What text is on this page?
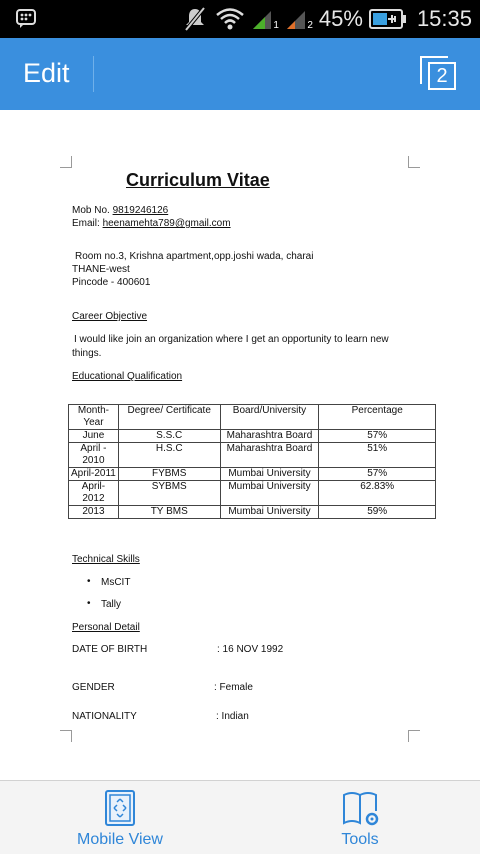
1	2 45% 15:35
Edit	2
Curriculum Vitae
Mob No. 9819246126
Email: heenamehta789@gmail.com
Room no.3, Krishna apartment,opp.joshi wada, charai
THANE-west
Pincode - 400601
Career Objective
I would like join an organization where I get an opportunity to learn new
things.
Educational Qualification
Month-Year	Degree/ Certificate	Board/University	Percentage
June	S.S.C	Maharashtra Board	57%
April - 2010	H.S.C	Maharashtra Board	51%
April-2011	FYBMS	Mumbai University	57%
April-2012	SYBMS	Mumbai University	62.83%
2013	TY BMS	Mumbai University	59%
Technical Skills
• MsCIT
• Tally
Personal Detail
DATE OF BIRTH	: 16 NOV 1992
GENDER	: Female
NATIONALITY	: Indian
Mobile View	Tools
